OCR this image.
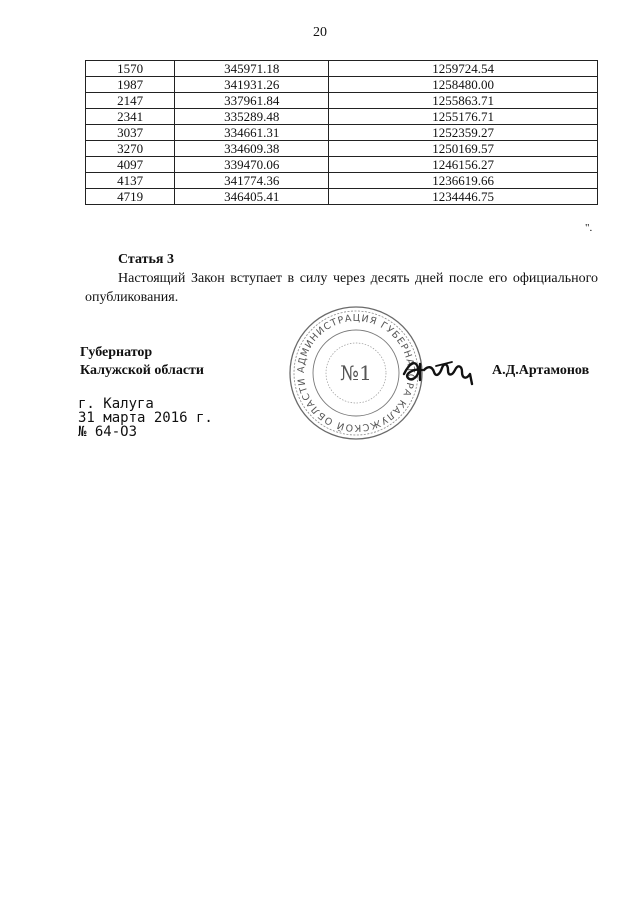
20
1570	345971.18	1259724.54
1987	341931.26	1258480.00
2147	337961.84	1255863.71
2341	335289.48	1255176.71
3037	334661.31	1252359.27
3270	334609.38	1250169.57
4097	339470.06	1246156.27
4137	341774.36	1236619.66
4719	346405.41	1234446.75
".
Статья 3
Настоящий Закон вступает в силу через десять дней после его официального опубликования.
Губернатор
Калужской области	АДМИНИСТРАЦИЯ ГУБЕРНАТОРА КАЛУЖСКОЙ ОБЛАСТИ	№1	А.Д.Артамонов
г. Калуга
31 марта 2016 г.
№ 64-ОЗ
